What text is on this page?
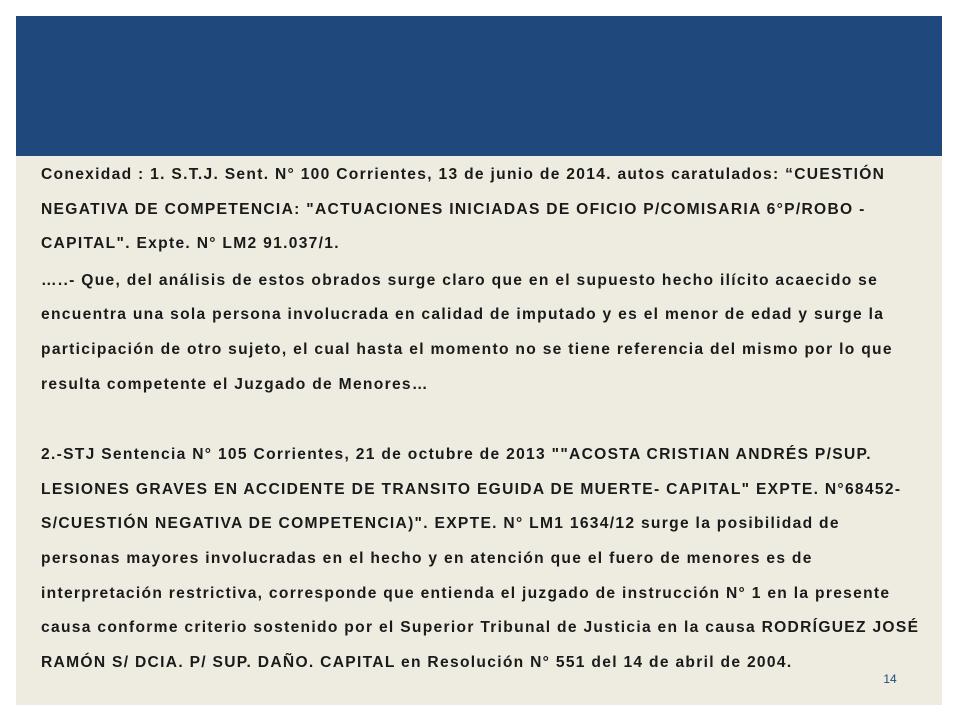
Conexidad : 1. S.T.J. Sent. N° 100 Corrientes, 13 de junio de 2014. autos caratulados: “CUESTIÓN NEGATIVA DE COMPETENCIA: "ACTUACIONES INICIADAS DE OFICIO P/COMISARIA 6°P/ROBO - CAPITAL". Expte. N° LM2 91.037/1.

…..- Que, del análisis de estos obrados surge claro que en el supuesto hecho ilícito acaecido se encuentra una sola persona involucrada en calidad de imputado y es el menor de edad y surge la participación de otro sujeto, el cual hasta el momento no se tiene referencia del mismo por lo que resulta competente el Juzgado de Menores…

2.-STJ Sentencia N° 105 Corrientes, 21 de octubre de 2013 ""ACOSTA CRISTIAN ANDRÉS P/SUP. LESIONES GRAVES EN ACCIDENTE DE TRANSITO EGUIDA DE MUERTE- CAPITAL" EXPTE. N°68452-S/CUESTIÓN NEGATIVA DE COMPETENCIA)". EXPTE. N° LM1 1634/12 surge la posibilidad de personas mayores involucradas en el hecho y en atención que el fuero de menores es de interpretación restrictiva, corresponde que entienda el juzgado de instrucción N° 1 en la presente causa conforme criterio sostenido por el Superior Tribunal de Justicia en la causa RODRÍGUEZ JOSÉ RAMÓN S/ DCIA. P/ SUP. DAÑO. CAPITAL en Resolución N° 551 del 14 de abril de 2004.

14
